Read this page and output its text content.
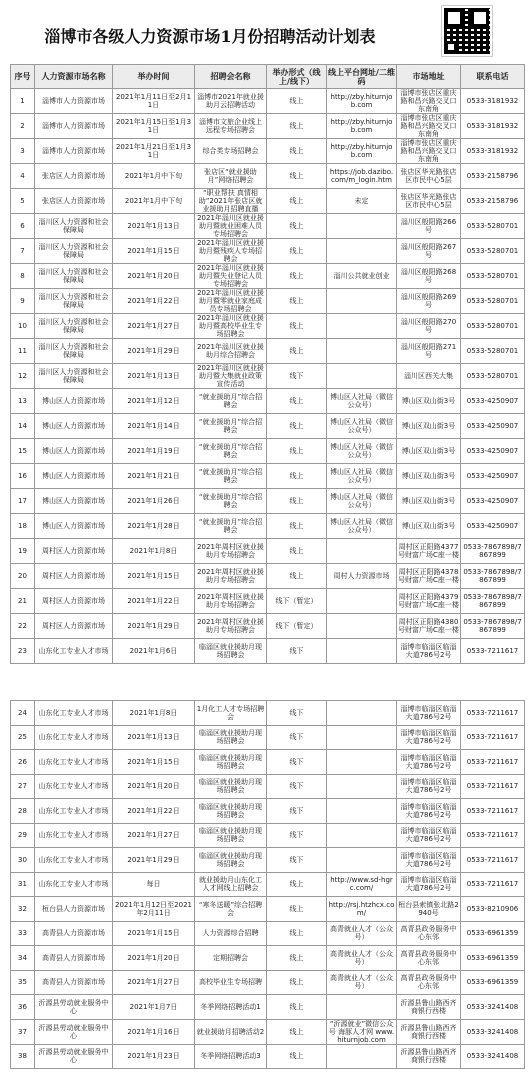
淄博市各级人力资源市场1月份招聘活动计划表
序号	人力资源市场名称	举办时间	招聘会名称	举办形式（线上/线下）	线上平台网址/二维码	市场地址	联系电话
1	淄博市人力资源市场	2021年1月11日至2月11日	淄博市2021年就业援助月云招聘活动	线上	http://zby.hiturnjob.com	淄博市张店区重庆路和昌兴路交叉口东南角	0533-3181932
2	淄博市人力资源市场	2021年1月15日至1月31日	淄博市文旅企业线上远程专场招聘会	线上	http://zby.hiturnjob.com	淄博市张店区重庆路和昌兴路交叉口东南角	0533-3181932
3	淄博市人力资源市场	2021年1月21日至1月31日	综合类专场招聘会	线上	http://zby.hiturnjob.com	淄博市张店区重庆路和昌兴路交叉口东南角	0533-3181932
4	张店区人力资源市场	2021年1月中下旬	张店区“就业援助月”网络招聘会	线上	https://job.dazibo.com/m_login.htm	张店区华光路张店区市民中心5层	0533-2158796
5	张店区人力资源市场	2021年1月中下旬	“职业帮扶 真情相助”2021年张店区就业援助月招聘直播	线上	未定	张店区华光路张店区市民中心5层	0533-2158796
6	淄川区人力资源和社会保障局	2021年1月13日	2021年淄川区就业援助月暨就业困难人员专场招聘会	线上		淄川区般阳路266号	0533-5280701
7	淄川区人力资源和社会保障局	2021年1月15日	2021年淄川区就业援助月暨残疾人专场招聘会	线上		淄川区般阳路267号	0533-5280701
8	淄川区人力资源和社会保障局	2021年1月20日	2021年淄川区就业援助月暨失业登记人员专场招聘会	线上	淄川公共就业创业	淄川区般阳路268号	0533-5280701
9	淄川区人力资源和社会保障局	2021年1月22日	2021年淄川区就业援助月暨零就业家庭成员专场招聘会	线上		淄川区般阳路269号	0533-5280701
10	淄川区人力资源和社会保障局	2021年1月27日	2021年淄川区就业援助月暨高校毕业生专场招聘会	线上		淄川区般阳路270号	0533-5280701
11	淄川区人力资源和社会保障局	2021年1月29日	2021年淄川区就业援助月综合招聘会	线上		淄川区般阳路271号	0533-5280701
12	淄川区人力资源和社会保障局	2021年1月13日	2021年淄川区就业援助月暨大集就业政策宣传活动	线下		淄川区西关大集	0533-5280701
13	博山区人力资源市场	2021年1月12日	“就业援助月”综合招聘会	线上	博山区人社局（微信公众号）	博山区双山街3号	0533-4250907
14	博山区人力资源市场	2021年1月14日	“就业援助月”综合招聘会	线上	博山区人社局（微信公众号）	博山区双山街3号	0533-4250907
15	博山区人力资源市场	2021年1月19日	“就业援助月”综合招聘会	线上	博山区人社局（微信公众号）	博山区双山街3号	0533-4250907
16	博山区人力资源市场	2021年1月21日	“就业援助月”综合招聘会	线上	博山区人社局（微信公众号）	博山区双山街3号	0533-4250907
17	博山区人力资源市场	2021年1月26日	“就业援助月”综合招聘会	线上	博山区人社局（微信公众号）	博山区双山街3号	0533-4250907
18	博山区人力资源市场	2021年1月28日	“就业援助月”综合招聘会	线上	博山区人社局（微信公众号）	博山区双山街3号	0533-4250907
19	周村区人力资源市场	2021年1月8日	2021年周村区就业援助月专场招聘会	线上		周村区正阳路4377号财富广场C座一楼	0533-7867898/7867899
20	周村区人力资源市场	2021年1月15日	2021年周村区就业援助月专场招聘会	线上	周村人力资源市场	周村区正阳路4378号财富广场C座一楼	0533-7867898/7867899
21	周村区人力资源市场	2021年1月22日	2021年周村区就业援助月专场招聘会	线下（暂定）		周村区正阳路4379号财富广场C座一楼	0533-7867898/7867899
22	周村区人力资源市场	2021年1月29日	2021年周村区就业援助月专场招聘会	线下（暂定）		周村区正阳路4380号财富广场C座一楼	0533-7867898/7867899
23	山东化工专业人才市场	2021年1月6日	临淄区就业援助月现场招聘会	线下		淄博市临淄区临淄大道786号2号	0533-7211617
24	山东化工专业人才市场	2021年1月8日	1月化工人才专场招聘会	线下		淄博市临淄区临淄大道786号2号	0533-7211617
25	山东化工专业人才市场	2021年1月13日	临淄区就业援助月现场招聘会	线下		淄博市临淄区临淄大道786号2号	0533-7211617
26	山东化工专业人才市场	2021年1月15日	临淄区就业援助月现场招聘会	线下		淄博市临淄区临淄大道786号2号	0533-7211617
27	山东化工专业人才市场	2021年1月20日	临淄区就业援助月现场招聘会	线下		淄博市临淄区临淄大道786号2号	0533-7211617
28	山东化工专业人才市场	2021年1月22日	临淄区就业援助月现场招聘会	线下		淄博市临淄区临淄大道786号2号	0533-7211617
29	山东化工专业人才市场	2021年1月27日	临淄区就业援助月现场招聘会	线下		淄博市临淄区临淄大道786号2号	0533-7211617
30	山东化工专业人才市场	2021年1月29日	临淄区就业援助月现场招聘会	线下		淄博市临淄区临淄大道786号2号	0533-7211617
31	山东化工专业人才市场	每日	就业援助月山东化工人才网线上招聘会	线上	http://www.sd-hgrc.com/	淄博市临淄区临淄大道786号2号	0533-7211617
32	桓台县人力资源市场	2021年1月12日至2021年2月11日	“寒冬送暖”综合招聘会	线上	http://rsj.htzhcx.com/	桓台县索镇张北路2940号	0533-8210906
33	高青县人力资源市场	2021年1月15日	人力资源综合招聘	线上	高青就业人才（公众号）	高青县政务服务中心东邻	0533-6961359
34	高青县人力资源市场	2021年1月20日	定期招聘会	线上	高青就业人才（公众号）	高青县政务服务中心东邻	0533-6961359
35	高青县人力资源市场	2021年1月27日	高校毕业生专场招聘	线上	高青就业人才（公众号）	高青县政务服务中心东邻	0533-6961359
36	沂源县劳动就业服务中心	2021年1月7日	冬季网络招聘活动1	线上		沂源县鲁山路西齐商银行西楼	0533-3241408
37	沂源县劳动就业服务中心	2021年1月16日	就业援助月招聘活动2	线上	“沂源就业”微信公众号 海豚人才网 www.hiturnjob.com	沂源县鲁山路西齐商银行西楼	0533-3241408
38	沂源县劳动就业服务中心	2021年1月23日	冬季网络招聘活动3	线上		沂源县鲁山路西齐商银行西楼	0533-3241408
